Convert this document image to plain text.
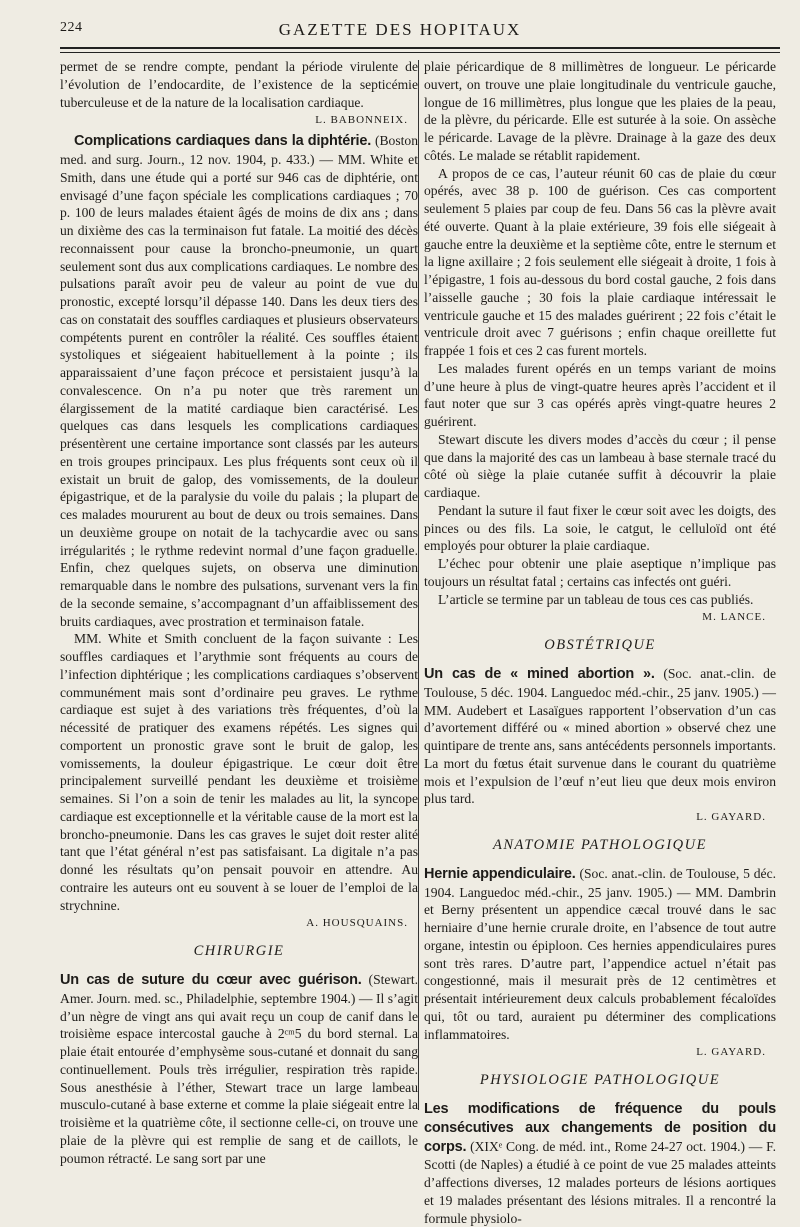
224	GAZETTE DES HOPITAUX

permet de se rendre compte, pendant la période virulente de l’évolution de l’endocardite, de l’existence de la septicémie tuberculeuse et de la nature de la localisation cardiaque.

L. BABONNEIX.

Complications cardiaques dans la diphtérie. (Boston med. and surg. Journ., 12 nov. 1904, p. 433.) — MM. White et Smith, dans une étude qui a porté sur 946 cas de diphtérie, ont envisagé d’une façon spéciale les complications cardiaques ; 70 p. 100 de leurs malades étaient âgés de moins de dix ans ; dans un dixième des cas la terminaison fut fatale. La moitié des décès reconnaissent pour cause la broncho-pneumonie, un quart seulement sont dus aux complications cardiaques. Le nombre des pulsations paraît avoir peu de valeur au point de vue du pronostic, excepté lorsqu’il dépasse 140. Dans les deux tiers des cas on constatait des souffles cardiaques et plusieurs observateurs compétents purent en contrôler la réalité. Ces souffles étaient systoliques et siégeaient habituellement à la pointe ; ils apparaissaient d’une façon précoce et persistaient jusqu’à la convalescence. On n’a pu noter que très rarement un élargissement de la matité cardiaque bien caractérisé. Les quelques cas dans lesquels les complications cardiaques présentèrent une certaine importance sont classés par les auteurs en trois groupes principaux. Les plus fréquents sont ceux où il existait un bruit de galop, des vomissements, de la douleur épigastrique, et de la paralysie du voile du palais ; la plupart de ces malades moururent au bout de deux ou trois semaines. Dans un deuxième groupe on notait de la tachycardie avec ou sans irrégularités ; le rythme redevint normal d’une façon graduelle. Enfin, chez quelques sujets, on observa une diminution remarquable dans le nombre des pulsations, survenant vers la fin de la seconde semaine, s’accompagnant d’un affaiblissement des bruits cardiaques, avec prostration et terminaison fatale.

MM. White et Smith concluent de la façon suivante : Les souffles cardiaques et l’arythmie sont fréquents au cours de l’infection diphtérique ; les complications cardiaques s’observent communément mais sont d’ordinaire peu graves. Le rythme cardiaque est sujet à des variations très fréquentes, d’où la nécessité de pratiquer des examens répétés. Les signes qui comportent un pronostic grave sont le bruit de galop, les vomissements, la douleur épigastrique. Le cœur doit être principalement surveillé pendant les deuxième et troisième semaines. Si l’on a soin de tenir les malades au lit, la syncope cardiaque est exceptionnelle et la véritable cause de la mort est la broncho-pneumonie. Dans les cas graves le sujet doit rester alité tant que l’état général n’est pas satisfaisant. La digitale n’a pas donné les résultats qu’on pensait pouvoir en attendre. Au contraire les auteurs ont eu souvent à se louer de l’emploi de la strychnine.

A. HOUSQUAINS.
CHIRURGIE

Un cas de suture du cœur avec guérison. (Stewart. Amer. Journ. med. sc., Philadelphie, septembre 1904.) — Il s’agit d’un nègre de vingt ans qui avait reçu un coup de canif dans le troisième espace intercostal gauche à 2ᶜᵐ5 du bord sternal. La plaie était entourée d’emphysème sous-cutané et donnait du sang continuellement. Pouls très irrégulier, respiration très rapide. Sous anesthésie à l’éther, Stewart trace un large lambeau musculo-cutané à base externe et comme la plaie siégeait entre la troisième et la quatrième côte, il sectionne celle-ci, on trouve une plaie de la plèvre qui est remplie de sang et de caillots, le poumon rétracté. Le sang sort par une

plaie péricardique de 8 millimètres de longueur. Le péricarde ouvert, on trouve une plaie longitudinale du ventricule gauche, longue de 16 millimètres, plus longue que les plaies de la peau, de la plèvre, du péricarde. Elle est suturée à la soie. On assèche le péricarde. Lavage de la plèvre. Drainage à la gaze des deux côtés. Le malade se rétablit rapidement.

A propos de ce cas, l’auteur réunit 60 cas de plaie du cœur opérés, avec 38 p. 100 de guérison. Ces cas comportent seulement 5 plaies par coup de feu. Dans 56 cas la plèvre avait été ouverte. Quant à la plaie extérieure, 39 fois elle siégeait à gauche entre la deuxième et la septième côte, entre le sternum et la ligne axillaire ; 2 fois seulement elle siégeait à droite, 1 fois à l’épigastre, 1 fois au-dessous du bord costal gauche, 2 fois dans l’aisselle gauche ; 30 fois la plaie cardiaque intéressait le ventricule gauche et 15 des malades guérirent ; 22 fois c’était le ventricule droit avec 7 guérisons ; enfin chaque oreillette fut frappée 1 fois et ces 2 cas furent mortels.

Les malades furent opérés en un temps variant de moins d’une heure à plus de vingt-quatre heures après l’accident et il faut noter que sur 3 cas opérés après vingt-quatre heures 2 guérirent.

Stewart discute les divers modes d’accès du cœur ; il pense que dans la majorité des cas un lambeau à base sternale tracé du côté où siège la plaie cutanée suffit à découvrir la plaie cardiaque.

Pendant la suture il faut fixer le cœur soit avec les doigts, des pinces ou des fils. La soie, le catgut, le celluloïd ont été employés pour obturer la plaie cardiaque.

L’échec pour obtenir une plaie aseptique n’implique pas toujours un résultat fatal ; certains cas infectés ont guéri.

L’article se termine par un tableau de tous ces cas publiés.

M. LANCE.
OBSTÉTRIQUE

Un cas de « mined abortion ». (Soc. anat.-clin. de Toulouse, 5 déc. 1904. Languedoc méd.-chir., 25 janv. 1905.) — MM. Audebert et Lasaïgues rapportent l’observation d’un cas d’avortement différé ou « mined abortion » observé chez une quintipare de trente ans, sans antécédents personnels importants. La mort du fœtus était survenue dans le courant du quatrième mois et l’expulsion de l’œuf n’eut lieu que deux mois environ plus tard.

L. GAYARD.
ANATOMIE PATHOLOGIQUE

Hernie appendiculaire. (Soc. anat.-clin. de Toulouse, 5 déc. 1904. Languedoc méd.-chir., 25 janv. 1905.) — MM. Dambrin et Berny présentent un appendice cæcal trouvé dans le sac herniaire d’une hernie crurale droite, en l’absence de tout autre organe, intestin ou épiploon. Ces hernies appendiculaires pures sont très rares. D’autre part, l’appendice actuel n’était pas congestionné, mais il mesurait près de 12 centimètres et présentait intérieurement deux calculs probablement fécaloïdes qui, tôt ou tard, auraient pu déterminer des complications inflammatoires.

L. GAYARD.
PHYSIOLOGIE PATHOLOGIQUE

Les modifications de fréquence du pouls consécutives aux changements de position du corps. (XIXᵉ Cong. de méd. int., Rome 24-27 oct. 1904.) — F. Scotti (de Naples) a étudié à ce point de vue 25 malades atteints d’affections diverses, 12 malades porteurs de lésions aortiques et 19 malades présentant des lésions mitrales. Il a rencontré la formule physiolo-
